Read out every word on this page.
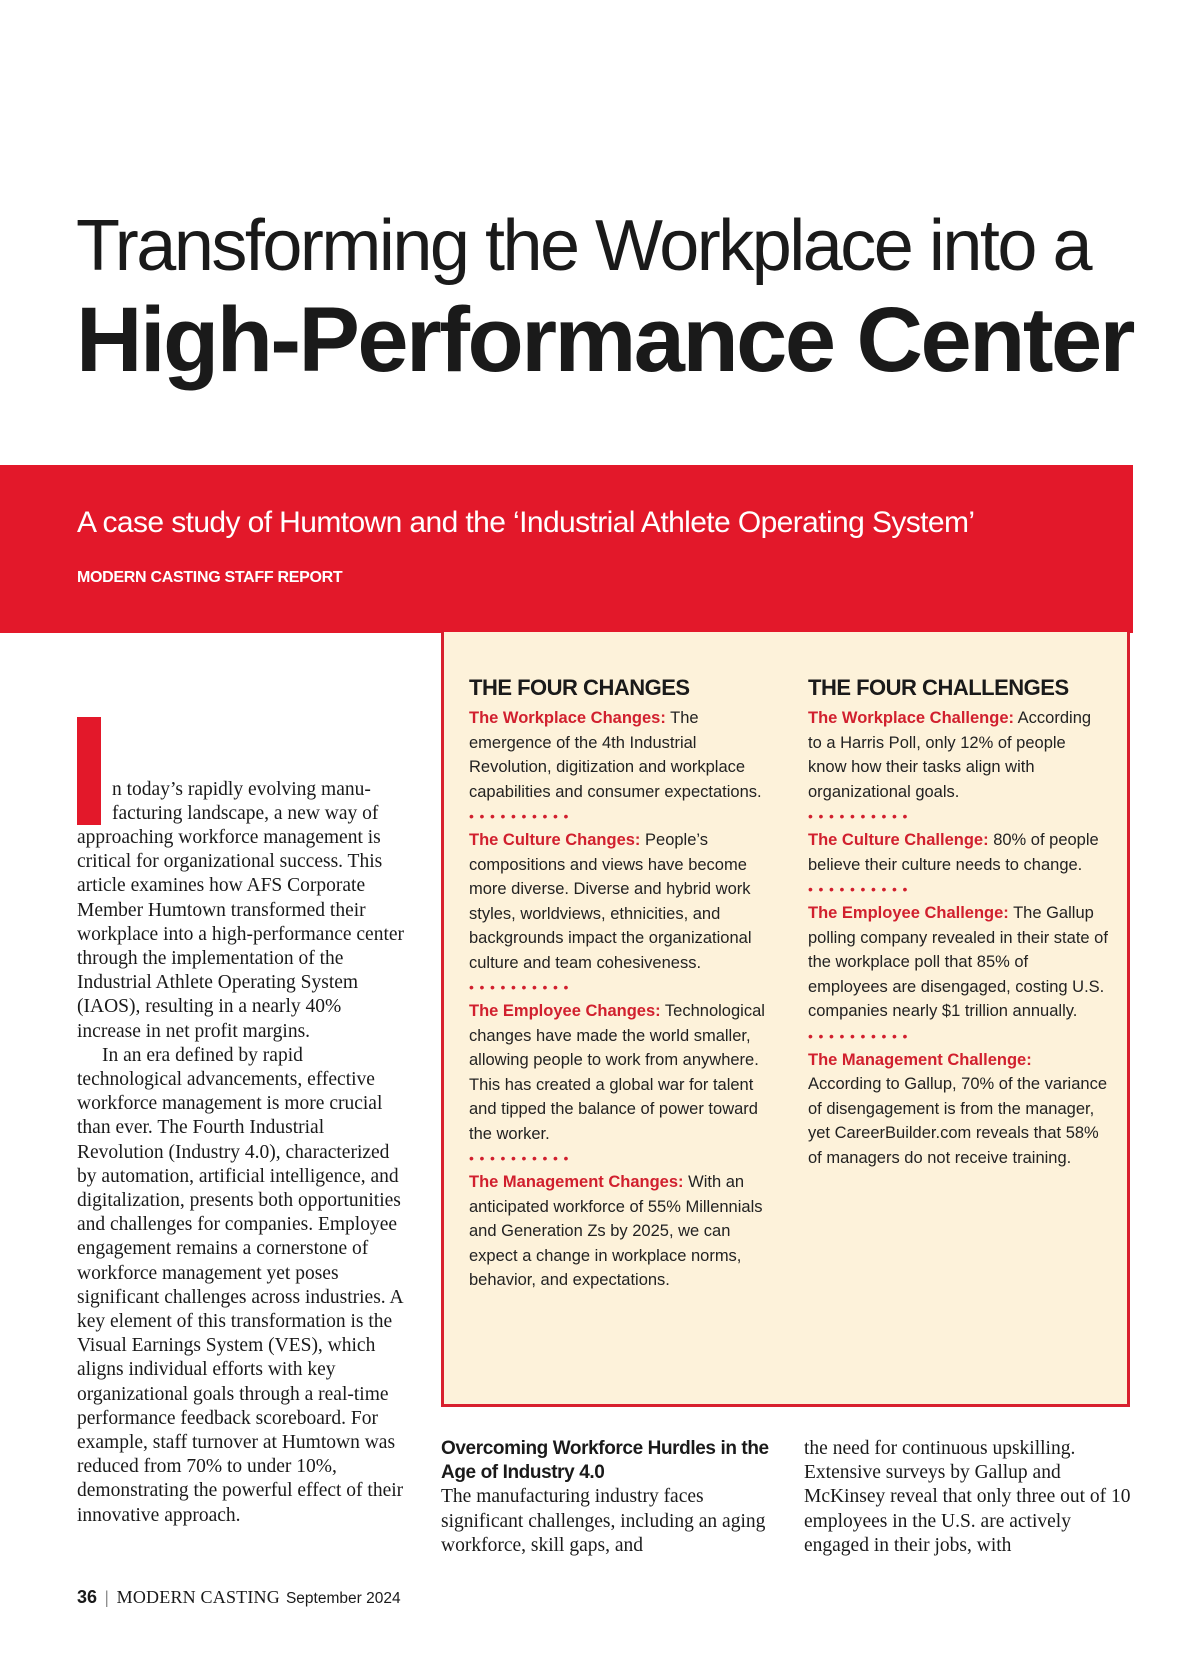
Transforming the Workplace into a
High-Performance Center
A case study of Humtown and the ‘Industrial Athlete Operating System’
MODERN CASTING STAFF REPORT
THE FOUR CHANGES

The Workplace Changes: The emergence of the 4th Industrial Revolution, digitization and workplace capabilities and consumer expectations.

••••••••••

The Culture Changes: People’s compositions and views have become more diverse. Diverse and hybrid work styles, worldviews, ethnicities, and backgrounds impact the organizational culture and team cohesiveness.

••••••••••

The Employee Changes: Technological changes have made the world smaller, allowing people to work from anywhere. This has created a global war for talent and tipped the balance of power toward the worker.

••••••••••

The Management Changes: With an anticipated workforce of 55% Millennials and Generation Zs by 2025, we can expect a change in workplace norms, behavior, and expectations.

THE FOUR CHALLENGES

The Workplace Challenge: According to a Harris Poll, only 12% of people know how their tasks align with organizational goals.

••••••••••

The Culture Challenge: 80% of people believe their culture needs to change.

••••••••••

The Employee Challenge: The Gallup polling company revealed in their state of the workplace poll that 85% of employees are disengaged, costing U.S. companies nearly $1 trillion annually.

••••••••••

The Management Challenge: According to Gallup, 70% of the variance of disengagement is from the manager, yet CareerBuilder.com reveals that 58% of managers do not receive training.

n today’s rapidly evolving manu-
facturing landscape, a new way of

approaching workforce management is critical for organizational success. This article examines how AFS Corporate Member Humtown transformed their workplace into a high-performance center through the implementation of the Industrial Athlete Operating System (IAOS), resulting in a nearly 40% increase in net profit margins.

In an era defined by rapid technological advancements, effective workforce management is more crucial than ever. The Fourth Industrial Revolution (Industry 4.0), characterized by automation, artificial intelligence, and digitalization, presents both opportunities and challenges for companies. Employee engagement remains a cornerstone of workforce management yet poses significant challenges across industries. A key element of this transformation is the Visual Earnings System (VES), which aligns individual efforts with key organizational goals through a real-time performance feedback scoreboard. For example, staff turnover at Humtown was reduced from 70% to under 10%, demonstrating the powerful effect of their innovative approach.

Overcoming Workforce Hurdles in the Age of Industry 4.0

The manufacturing industry faces significant challenges, including an aging workforce, skill gaps, and

the need for continuous upskilling. Extensive surveys by Gallup and McKinsey reveal that only three out of 10 employees in the U.S. are actively engaged in their jobs, with

36 | MODERN CASTING September 2024
